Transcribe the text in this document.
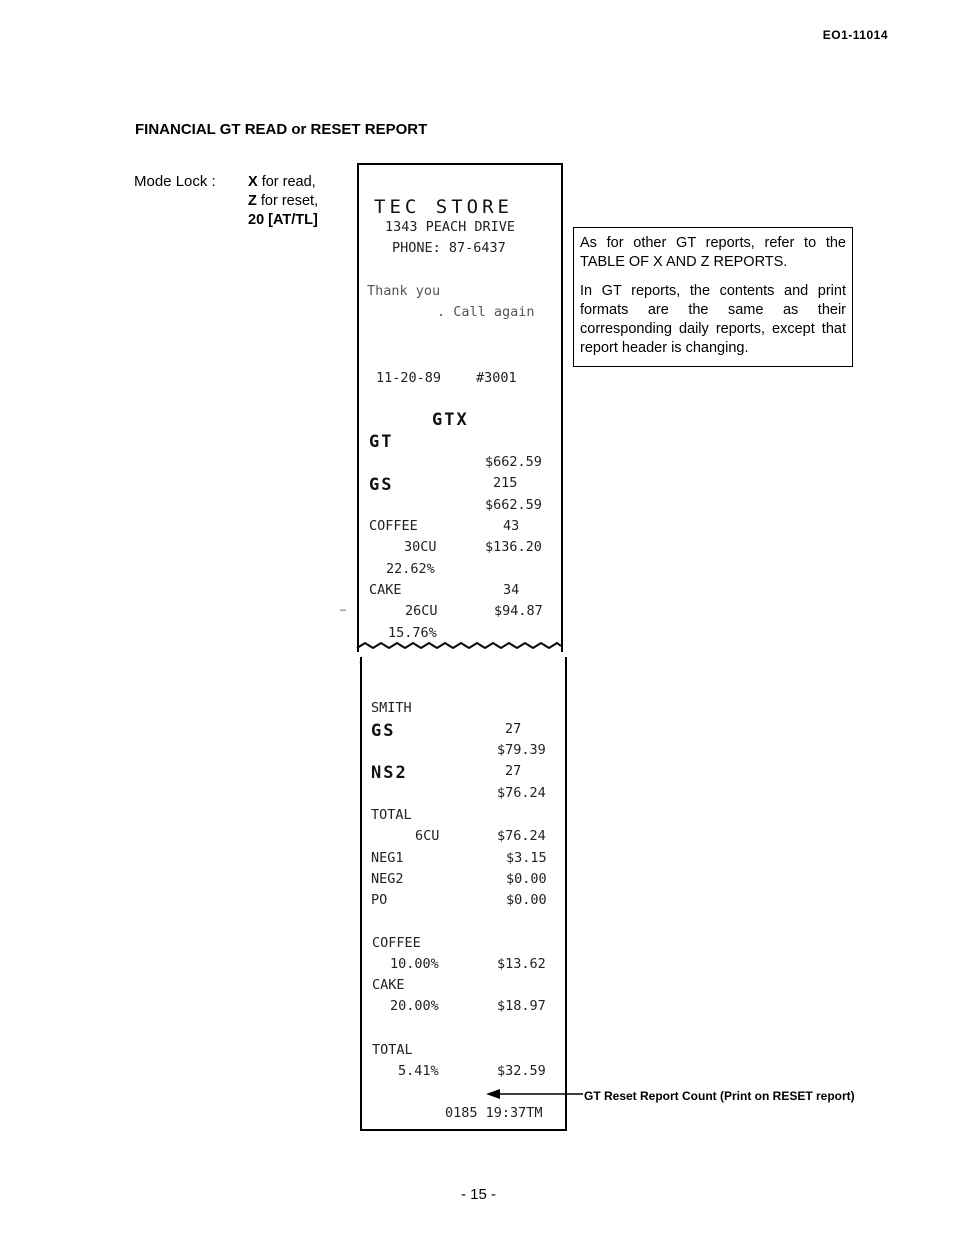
EO1-11014
FINANCIAL GT READ or RESET REPORT
Mode Lock : X for read,
Z for reset,
20 [AT/TL]
TEC STORE
1343 PEACH DRIVE
PHONE: 87-6437
Thank you
. Call again
11-20-89	#3001
GTX
GT
$662.59
GS	215
$662.59
COFFEE	43
30CU	$136.20
22.62%
CAKE	34
26CU	$94.87
15.76%
SMITH
GS	27
$79.39
NS2	27
$76.24
TOTAL
6CU	$76.24
NEG1	$3.15
NEG2	$0.00
PO	$0.00
COFFEE
10.00%	$13.62
CAKE
20.00%	$18.97
TOTAL
5.41%	$32.59
0185 19:37TM

As for other GT reports, refer to the TABLE OF X AND Z REPORTS.

In GT reports, the contents and print formats are the same as their corresponding daily reports, except that report header is changing.

GT Reset Report Count (Print on RESET report)
–
- 15 -
